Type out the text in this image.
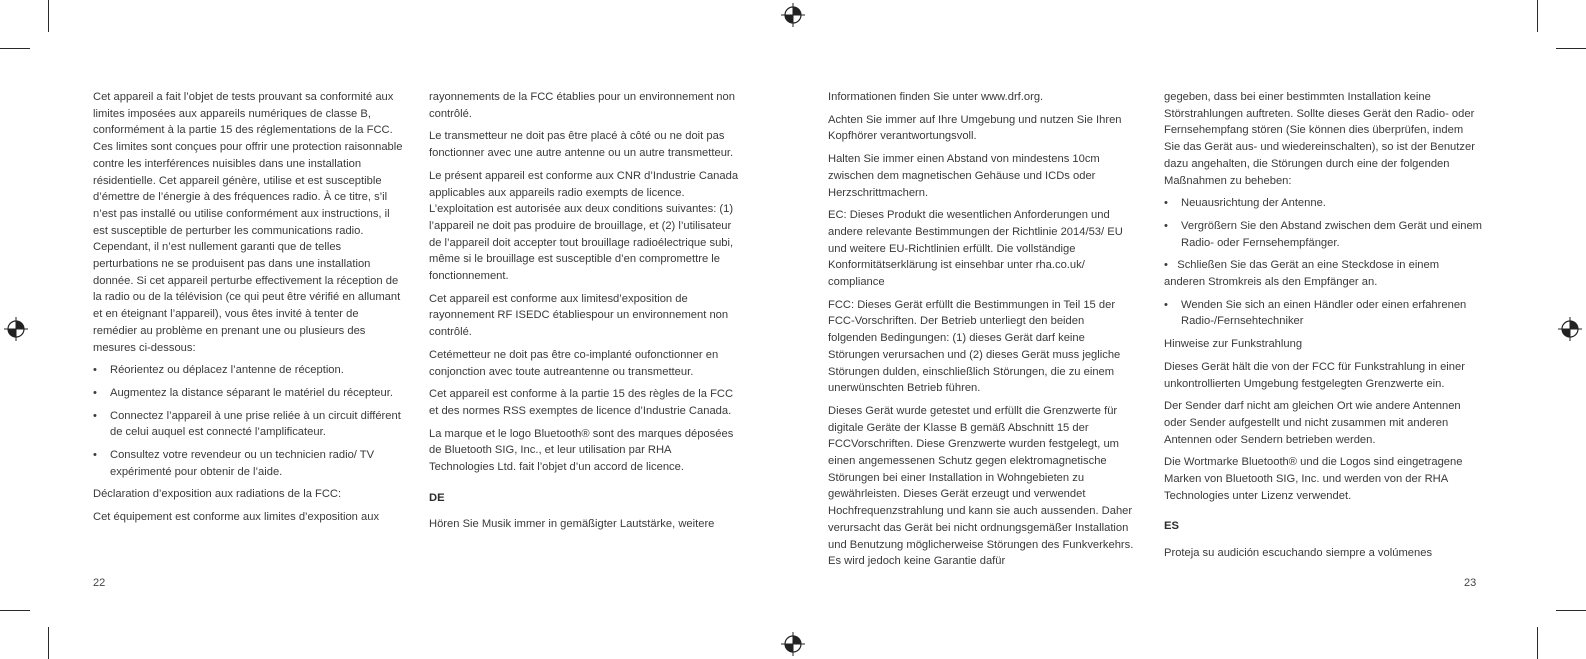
Cet appareil a fait l’objet de tests prouvant sa conformité aux limites imposées aux appareils numériques de classe B, conformément à la partie 15 des réglementations de la FCC. Ces limites sont conçues pour offrir une protection raisonnable contre les interférences nuisibles dans une installation résidentielle. Cet appareil génère, utilise et est susceptible d’émettre de l’énergie à des fréquences radio. À ce titre, s’il n’est pas installé ou utilise conformément aux instructions, il est susceptible de perturber les communications radio. Cependant, il n’est nullement garanti que de telles perturbations ne se produisent pas dans une installation donnée. Si cet appareil perturbe effectivement la réception de la radio ou de la télévision (ce qui peut être vérifié en allumant et en éteignant l’appareil), vous êtes invité à tenter de remédier au problème en prenant une ou plusieurs des mesures ci-dessous:

• Réorientez ou déplacez l’antenne de réception.
• Augmentez la distance séparant le matériel du récepteur.
• Connectez l’appareil à une prise reliée à un circuit différent de celui auquel est connecté l’amplificateur.
• Consultez votre revendeur ou un technicien radio/ TV expérimenté pour obtenir de l’aide.

Déclaration d’exposition aux radiations de la FCC:

Cet équipement est conforme aux limites d’exposition aux

rayonnements de la FCC établies pour un environnement non contrôlé.

Le transmetteur ne doit pas être placé à côté ou ne doit pas fonctionner avec une autre antenne ou un autre transmetteur.

Le présent appareil est conforme aux CNR d’Industrie Canada applicables aux appareils radio exempts de licence. L’exploitation est autorisée aux deux conditions suivantes: (1) l’appareil ne doit pas produire de brouillage, et (2) l’utilisateur de l’appareil doit accepter tout brouillage radioélectrique subi, même si le brouillage est susceptible d’en compromettre le fonctionnement.

Cet appareil est conforme aux limitesd’exposition de rayonnement RF ISEDC établiespour un environnement non contrôlé.

Cetémetteur ne doit pas être co-implanté oufonctionner en conjonction avec toute autreantenne ou transmetteur.

Cet appareil est conforme à la partie 15 des règles de la FCC et des normes RSS exemptes de licence d’Industrie Canada.

La marque et le logo Bluetooth® sont des marques déposées de Bluetooth SIG, Inc., et leur utilisation par RHA Technologies Ltd. fait l’objet d’un accord de licence.

DE

Hören Sie Musik immer in gemäßigter Lautstärke, weitere

Informationen finden Sie unter www.drf.org.

Achten Sie immer auf Ihre Umgebung und nutzen Sie Ihren Kopfhörer verantwortungsvoll.

Halten Sie immer einen Abstand von mindestens 10cm zwischen dem magnetischen Gehäuse und ICDs oder Herzschrittmachern.

EC: Dieses Produkt die wesentlichen Anforderungen und andere relevante Bestimmungen der Richtlinie 2014/53/ EU und weitere EU-Richtlinien erfüllt. Die vollständige Konformitätserklärung ist einsehbar unter rha.co.uk/ compliance

FCC: Dieses Gerät erfüllt die Bestimmungen in Teil 15 der FCC-Vorschriften. Der Betrieb unterliegt den beiden folgenden Bedingungen: (1) dieses Gerät darf keine Störungen verursachen und (2) dieses Gerät muss jegliche Störungen dulden, einschließlich Störungen, die zu einem unerwünschten Betrieb führen.

Dieses Gerät wurde getestet und erfüllt die Grenzwerte für digitale Geräte der Klasse B gemäß Abschnitt 15 der FCCVorschriften. Diese Grenzwerte wurden festgelegt, um einen angemessenen Schutz gegen elektromagnetische Störungen bei einer Installation in Wohngebieten zu gewährleisten. Dieses Gerät erzeugt und verwendet Hochfrequenzstrahlung und kann sie auch aussenden. Daher verursacht das Gerät bei nicht ordnungsgemäßer Installation und Benutzung möglicherweise Störungen des Funkverkehrs. Es wird jedoch keine Garantie dafür

gegeben, dass bei einer bestimmten Installation keine Störstrahlungen auftreten. Sollte dieses Gerät den Radio- oder Fernsehempfang stören (Sie können dies überprüfen, indem Sie das Gerät aus- und wiedereinschalten), so ist der Benutzer dazu angehalten, die Störungen durch eine der folgenden Maßnahmen zu beheben:

• Neuausrichtung der Antenne.
• Vergrößern Sie den Abstand zwischen dem Gerät und einem Radio- oder Fernsehempfänger.

• Schließen Sie das Gerät an eine Steckdose in einem anderen Stromkreis als den Empfänger an.

• Wenden Sie sich an einen Händler oder einen erfahrenen Radio-/Fernsehtechniker

Hinweise zur Funkstrahlung

Dieses Gerät hält die von der FCC für Funkstrahlung in einer unkontrollierten Umgebung festgelegten Grenzwerte ein.

Der Sender darf nicht am gleichen Ort wie andere Antennen oder Sender aufgestellt und nicht zusammen mit anderen Antennen oder Sendern betrieben werden.

Die Wortmarke Bluetooth® und die Logos sind eingetragene Marken von Bluetooth SIG, Inc. und werden von der RHA Technologies unter Lizenz verwendet.

ES

Proteja su audición escuchando siempre a volúmenes

22	23
